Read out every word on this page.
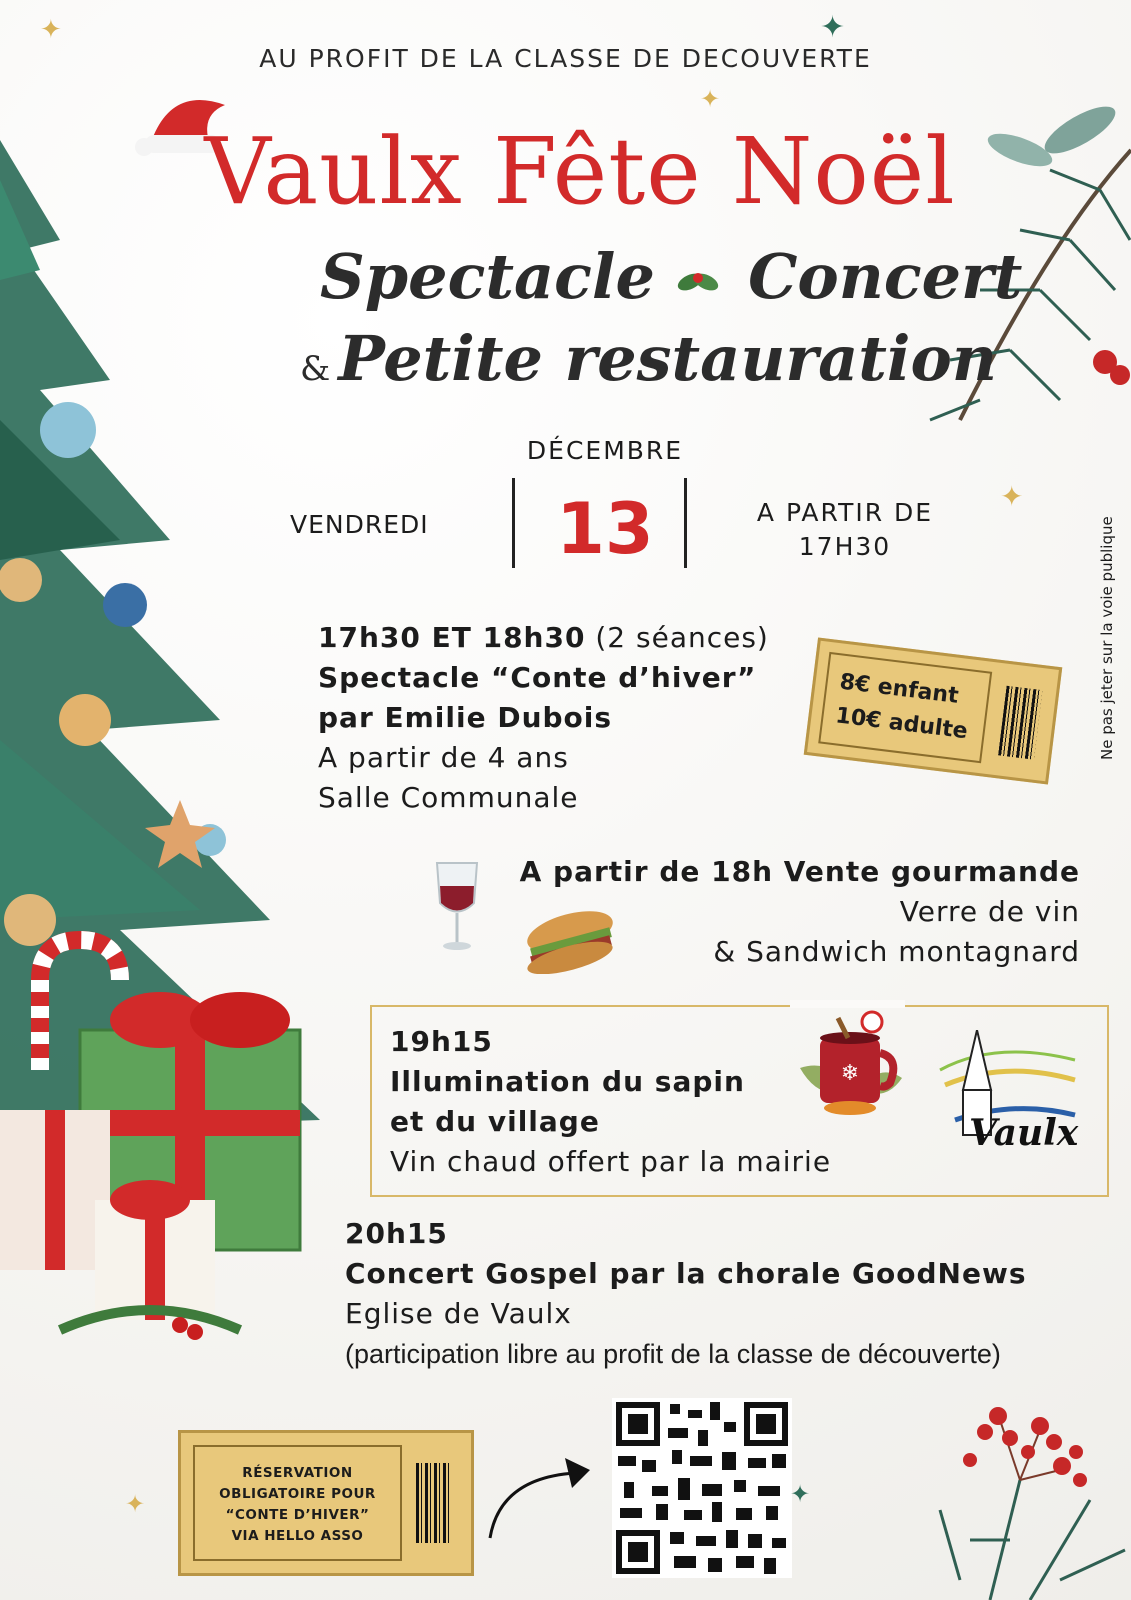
AU PROFIT DE LA CLASSE DE DECOUVERTE
Vaulx Fête Noël
Spectacle Concert
& Petite restauration
DÉCEMBRE
VENDREDI 13	A PARTIR DE
17H30	Ne pas jeter sur la voie publique
17h30 ET 18h30 (2 séances)
Spectacle “Conte d’hiver”
par Emilie Dubois
A partir de 4 ans
Salle Communale
8€ enfant
10€ adulte
A partir de 18h Vente gourmande
Verre de vin
& Sandwich montagnard
19h15
Illumination du sapin
et du village
Vin chaud offert par la mairie
❄
Vaulx
20h15
Concert Gospel par la chorale GoodNews
Eglise de Vaulx
(participation libre au profit de la classe de découverte)
RÉSERVATION
OBLIGATOIRE POUR
“CONTE D’HIVER”
VIA HELLO ASSO
✦	✦
✦
✦
✦	✦
